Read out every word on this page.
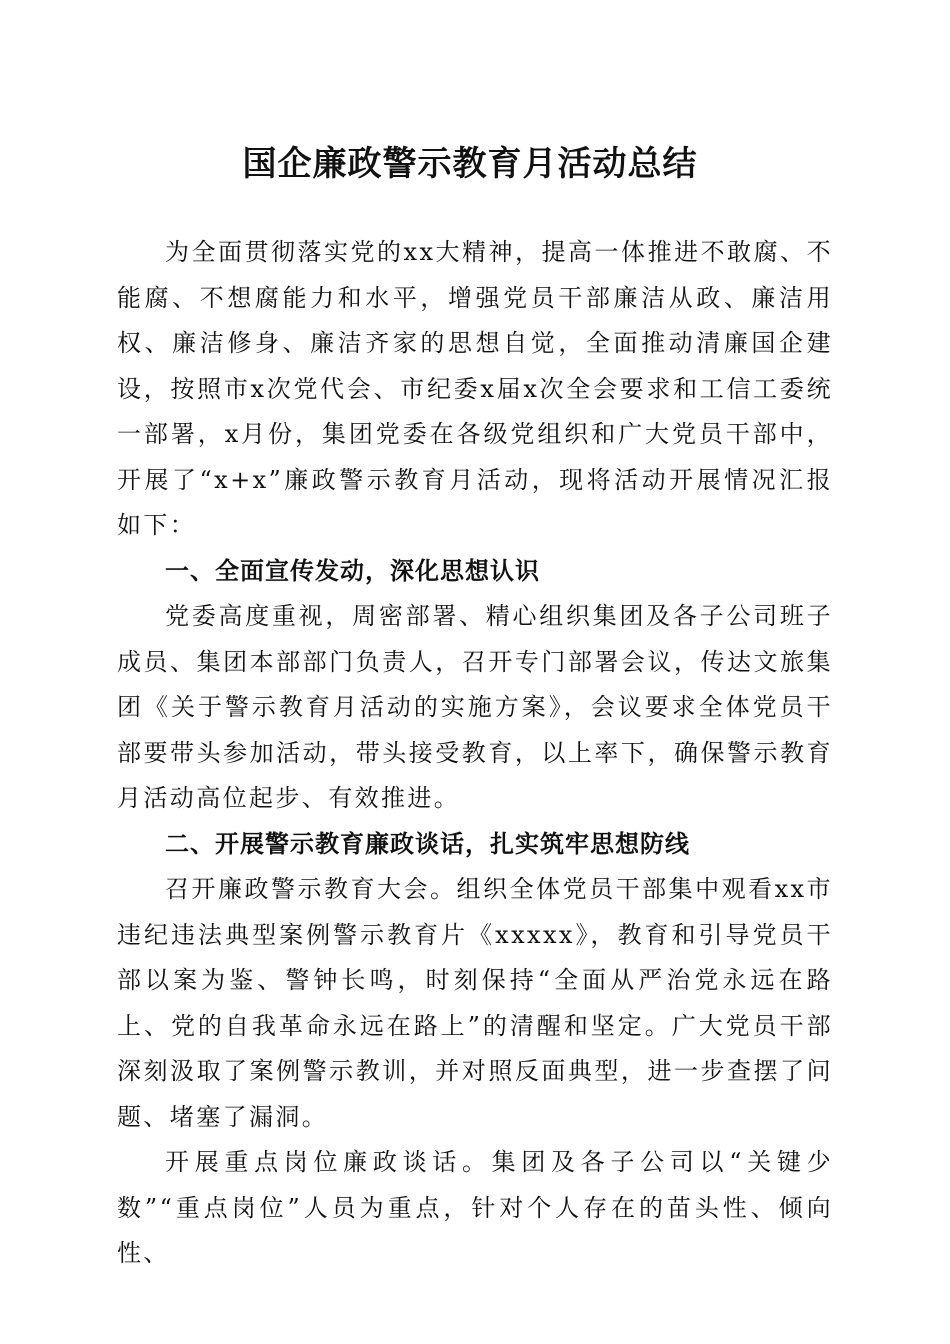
国企廉政警示教育月活动总结

为全面贯彻落实党的xx大精神，提高一体推进不敢腐、不能腐、不想腐能力和水平，增强党员干部廉洁从政、廉洁用权、廉洁修身、廉洁齐家的思想自觉，全面推动清廉国企建设，按照市x次党代会、市纪委x届x次全会要求和工信工委统一部署，x月份，集团党委在各级党组织和广大党员干部中，开展了“x+x”廉政警示教育月活动，现将活动开展情况汇报如下：

一、全面宣传发动，深化思想认识

党委高度重视，周密部署、精心组织集团及各子公司班子成员、集团本部部门负责人，召开专门部署会议，传达文旅集团《关于警示教育月活动的实施方案》，会议要求全体党员干部要带头参加活动，带头接受教育，以上率下，确保警示教育月活动高位起步、有效推进。

二、开展警示教育廉政谈话，扎实筑牢思想防线

召开廉政警示教育大会。组织全体党员干部集中观看xx市违纪违法典型案例警示教育片《xxxxx》，教育和引导党员干部以案为鉴、警钟长鸣，时刻保持“全面从严治党永远在路上、党的自我革命永远在路上”的清醒和坚定。广大党员干部深刻汲取了案例警示教训，并对照反面典型，进一步查摆了问题、堵塞了漏洞。

开展重点岗位廉政谈话。集团及各子公司以“关键少数”“重点岗位”人员为重点，针对个人存在的苗头性、倾向性、
